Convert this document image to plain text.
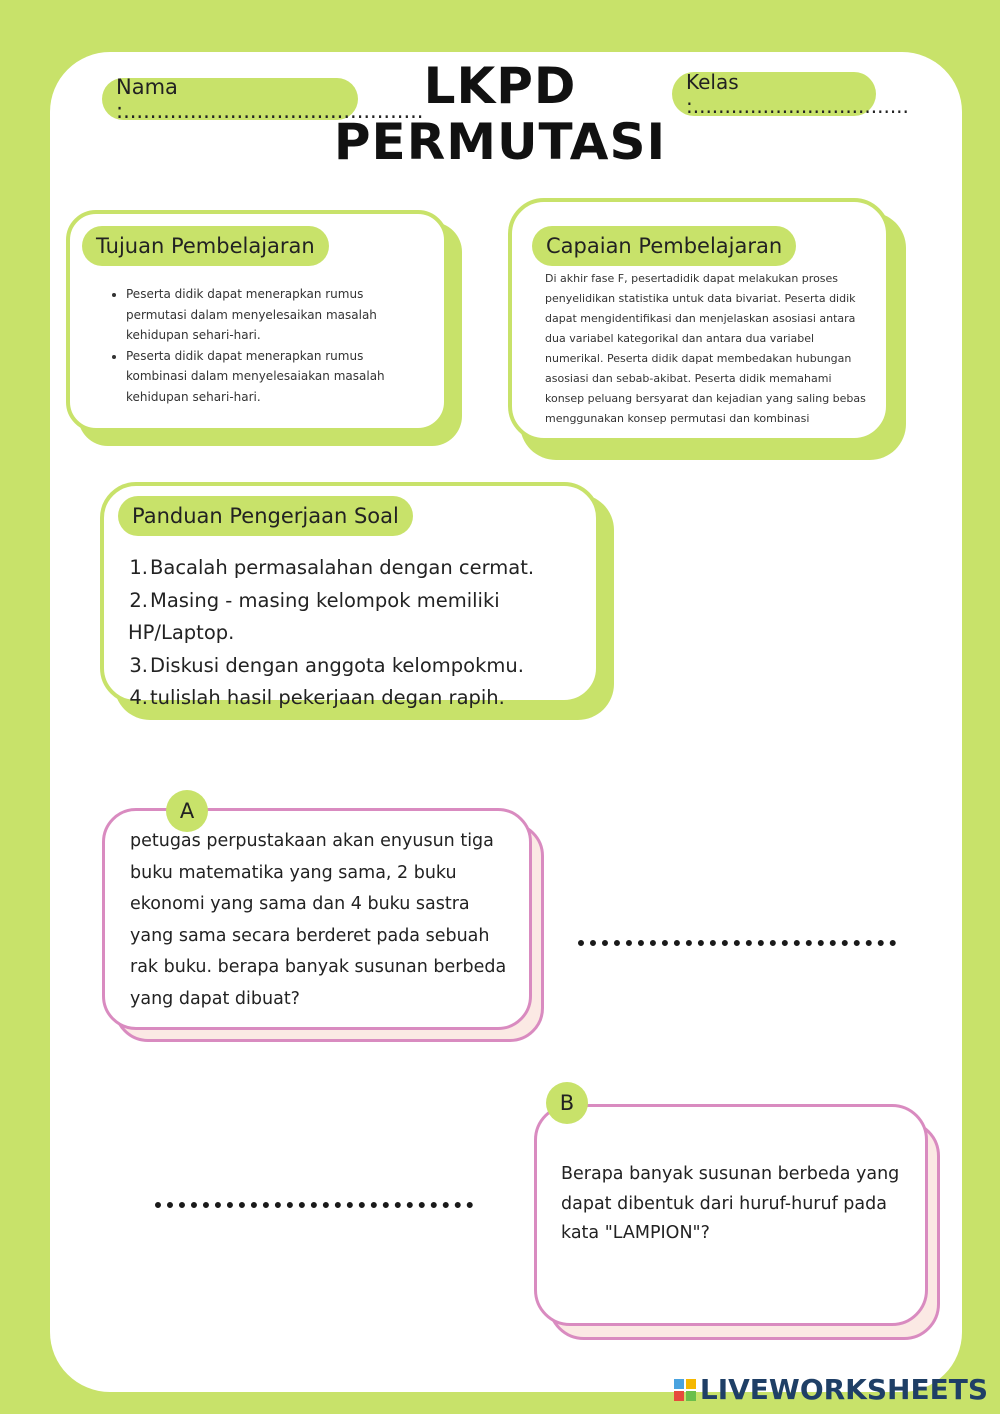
Nama :............................................. LKPD
PERMUTASI
Kelas :..................................
Tujuan Pembelajaran
• Peserta didik dapat menerapkan rumus permutasi dalam menyelesaikan masalah kehidupan sehari-hari.
• Peserta didik dapat menerapkan rumus kombinasi dalam menyelesaiakan masalah kehidupan sehari-hari.
Capaian Pembelajaran
Di akhir fase F, pesertadidik dapat melakukan proses penyelidikan statistika untuk data bivariat. Peserta didik dapat mengidentifikasi dan menjelaskan asosiasi antara dua variabel kategorikal dan antara dua variabel numerikal. Peserta didik dapat membedakan hubungan asosiasi dan sebab-akibat. Peserta didik memahami konsep peluang bersyarat dan kejadian yang saling bebas menggunakan konsep permutasi dan kombinasi
Panduan Pengerjaan Soal
1. Bacalah permasalahan dengan cermat.
2. Masing - masing kelompok memiliki HP/Laptop.
3. Diskusi dengan anggota kelompokmu.
4. tulislah hasil pekerjaan degan rapih.
A
petugas perpustakaan akan enyusun tiga buku matematika yang sama, 2 buku ekonomi yang sama dan 4 buku sastra yang sama secara berderet pada sebuah rak buku. berapa banyak susunan berbeda yang dapat dibuat?
B
Berapa banyak susunan berbeda yang dapat dibentuk dari huruf-huruf pada kata "LAMPION"?
LIVEWORKSHEETS
